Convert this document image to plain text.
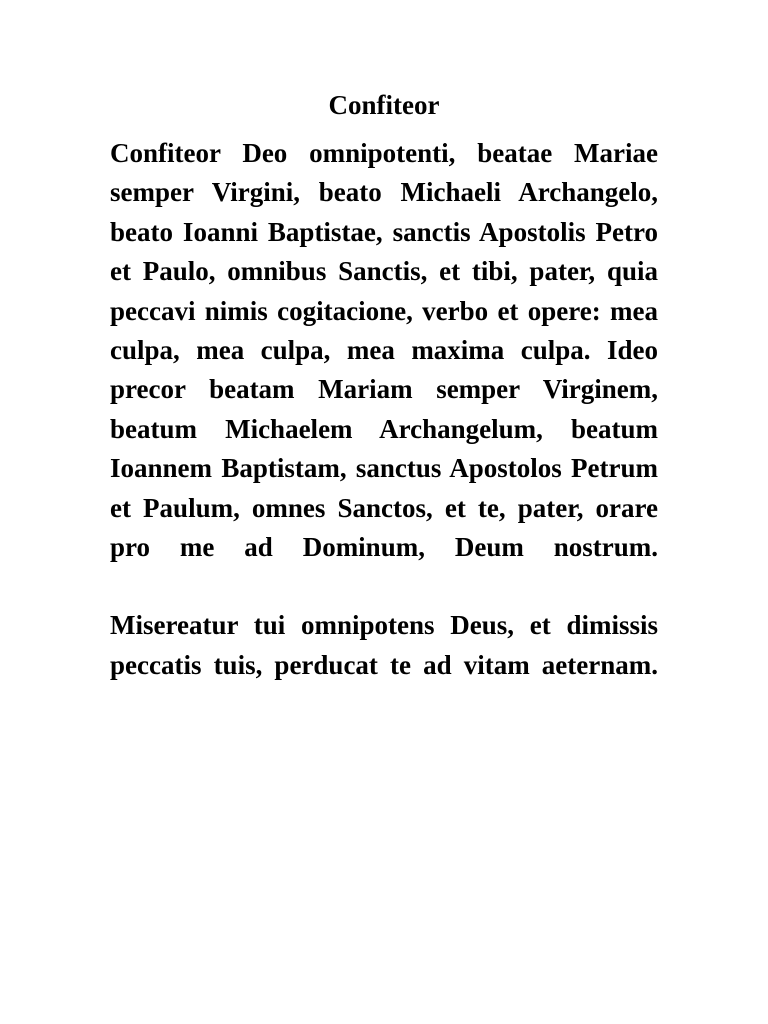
Confiteor

Confiteor Deo omnipotenti, beatae Mariae semper Virgini, beato Michaeli Archangelo, beato Ioanni Baptistae, sanctis Apostolis Petro et Paulo, omnibus Sanctis, et tibi, pater, quia peccavi nimis cogitacione, verbo et opere: mea culpa, mea culpa, mea maxima culpa. Ideo precor beatam Mariam semper Virginem, beatum Michaelem Archangelum, beatum Ioannem Baptistam, sanctus Apostolos Petrum et Paulum, omnes Sanctos, et te, pater, orare pro me ad Dominum, Deum nostrum.

Misereatur tui omnipotens Deus, et dimissis peccatis tuis, perducat te ad vitam aeternam.
